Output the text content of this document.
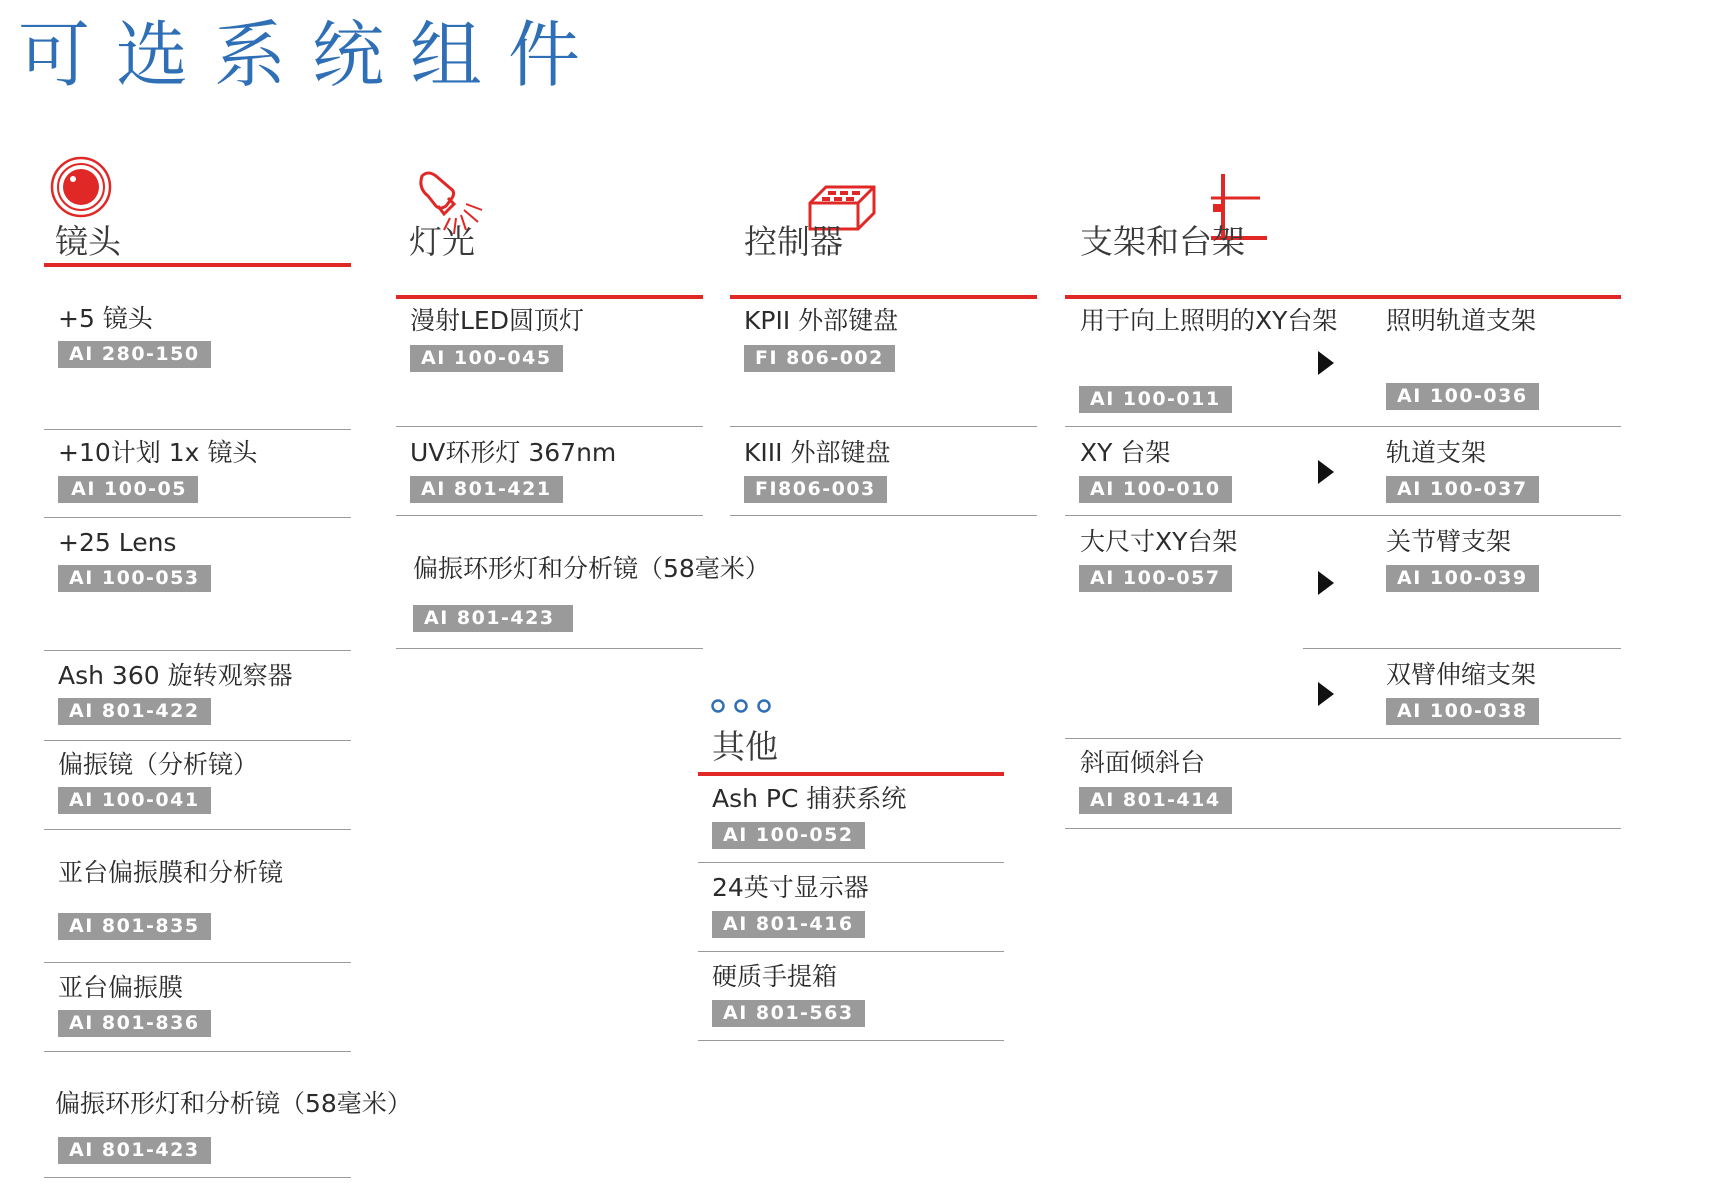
可选系统组件
镜头
+5 镜头
AI 280-150
+10计划 1x 镜头
AI 100-05
+25 Lens
AI 100-053
Ash 360 旋转观察器
AI 801-422
偏振镜（分析镜）
AI 100-041
亚台偏振膜和分析镜
AI 801-835
亚台偏振膜
AI 801-836
偏振环形灯和分析镜（58毫米）
AI 801-423
灯光
漫射LED圆顶灯
AI 100-045
UV环形灯 367nm
AI 801-421
偏振环形灯和分析镜（58毫米）
AI 801-423
控制器
KPII 外部键盘
FI 806-002
KIII 外部键盘
FI806-003
其他
Ash PC 捕获系统
AI 100-052
24英寸显示器
AI 801-416
硬质手提箱
AI 801-563
支架和台架
用于向上照明的XY台架
AI 100-011
照明轨道支架
AI 100-036
XY 台架
AI 100-010
轨道支架
AI 100-037
大尺寸XY台架
AI 100-057
关节臂支架
AI 100-039
双臂伸缩支架
AI 100-038
斜面倾斜台
AI 801-414
